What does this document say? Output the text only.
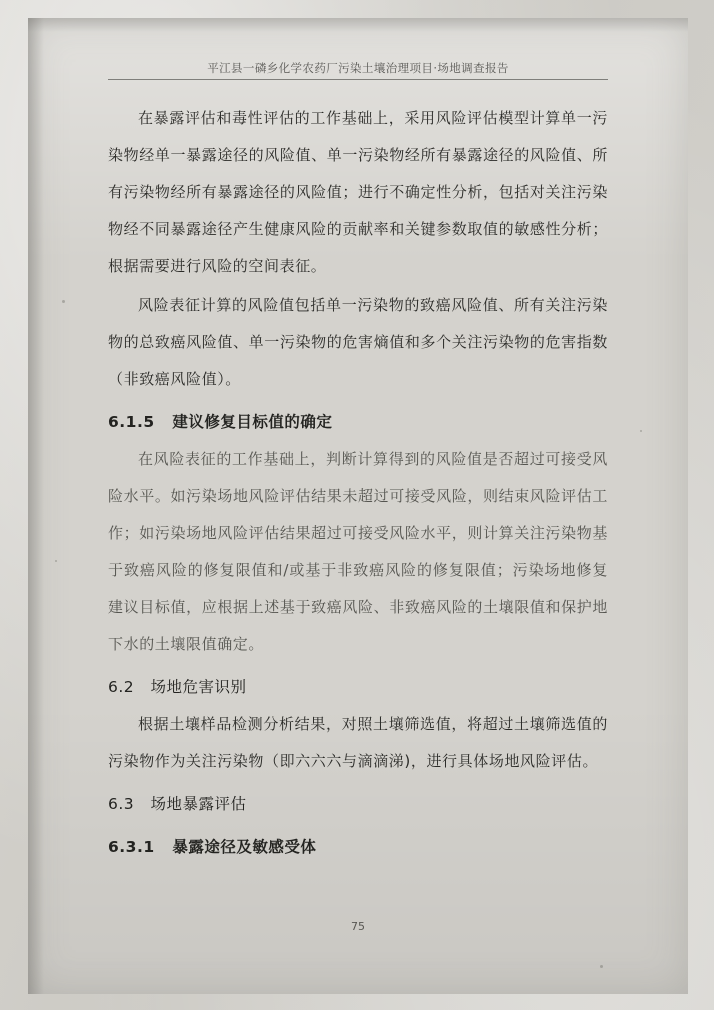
平江县一磷乡化学农药厂污染土壤治理项目·场地调查报告

在暴露评估和毒性评估的工作基础上，采用风险评估模型计算单一污染物经单一暴露途径的风险值、单一污染物经所有暴露途径的风险值、所有污染物经所有暴露途径的风险值；进行不确定性分析，包括对关注污染物经不同暴露途径产生健康风险的贡献率和关键参数取值的敏感性分析；根据需要进行风险的空间表征。

风险表征计算的风险值包括单一污染物的致癌风险值、所有关注污染物的总致癌风险值、单一污染物的危害熵值和多个关注污染物的危害指数（非致癌风险值）。

6.1.5 建议修复目标值的确定

在风险表征的工作基础上，判断计算得到的风险值是否超过可接受风险水平。如污染场地风险评估结果未超过可接受风险，则结束风险评估工作；如污染场地风险评估结果超过可接受风险水平，则计算关注污染物基于致癌风险的修复限值和/或基于非致癌风险的修复限值；污染场地修复建议目标值，应根据上述基于致癌风险、非致癌风险的土壤限值和保护地下水的土壤限值确定。

6.2 场地危害识别

根据土壤样品检测分析结果，对照土壤筛选值，将超过土壤筛选值的污染物作为关注污染物（即六六六与滴滴涕)，进行具体场地风险评估。

6.3 场地暴露评估
6.3.1 暴露途径及敏感受体
75
